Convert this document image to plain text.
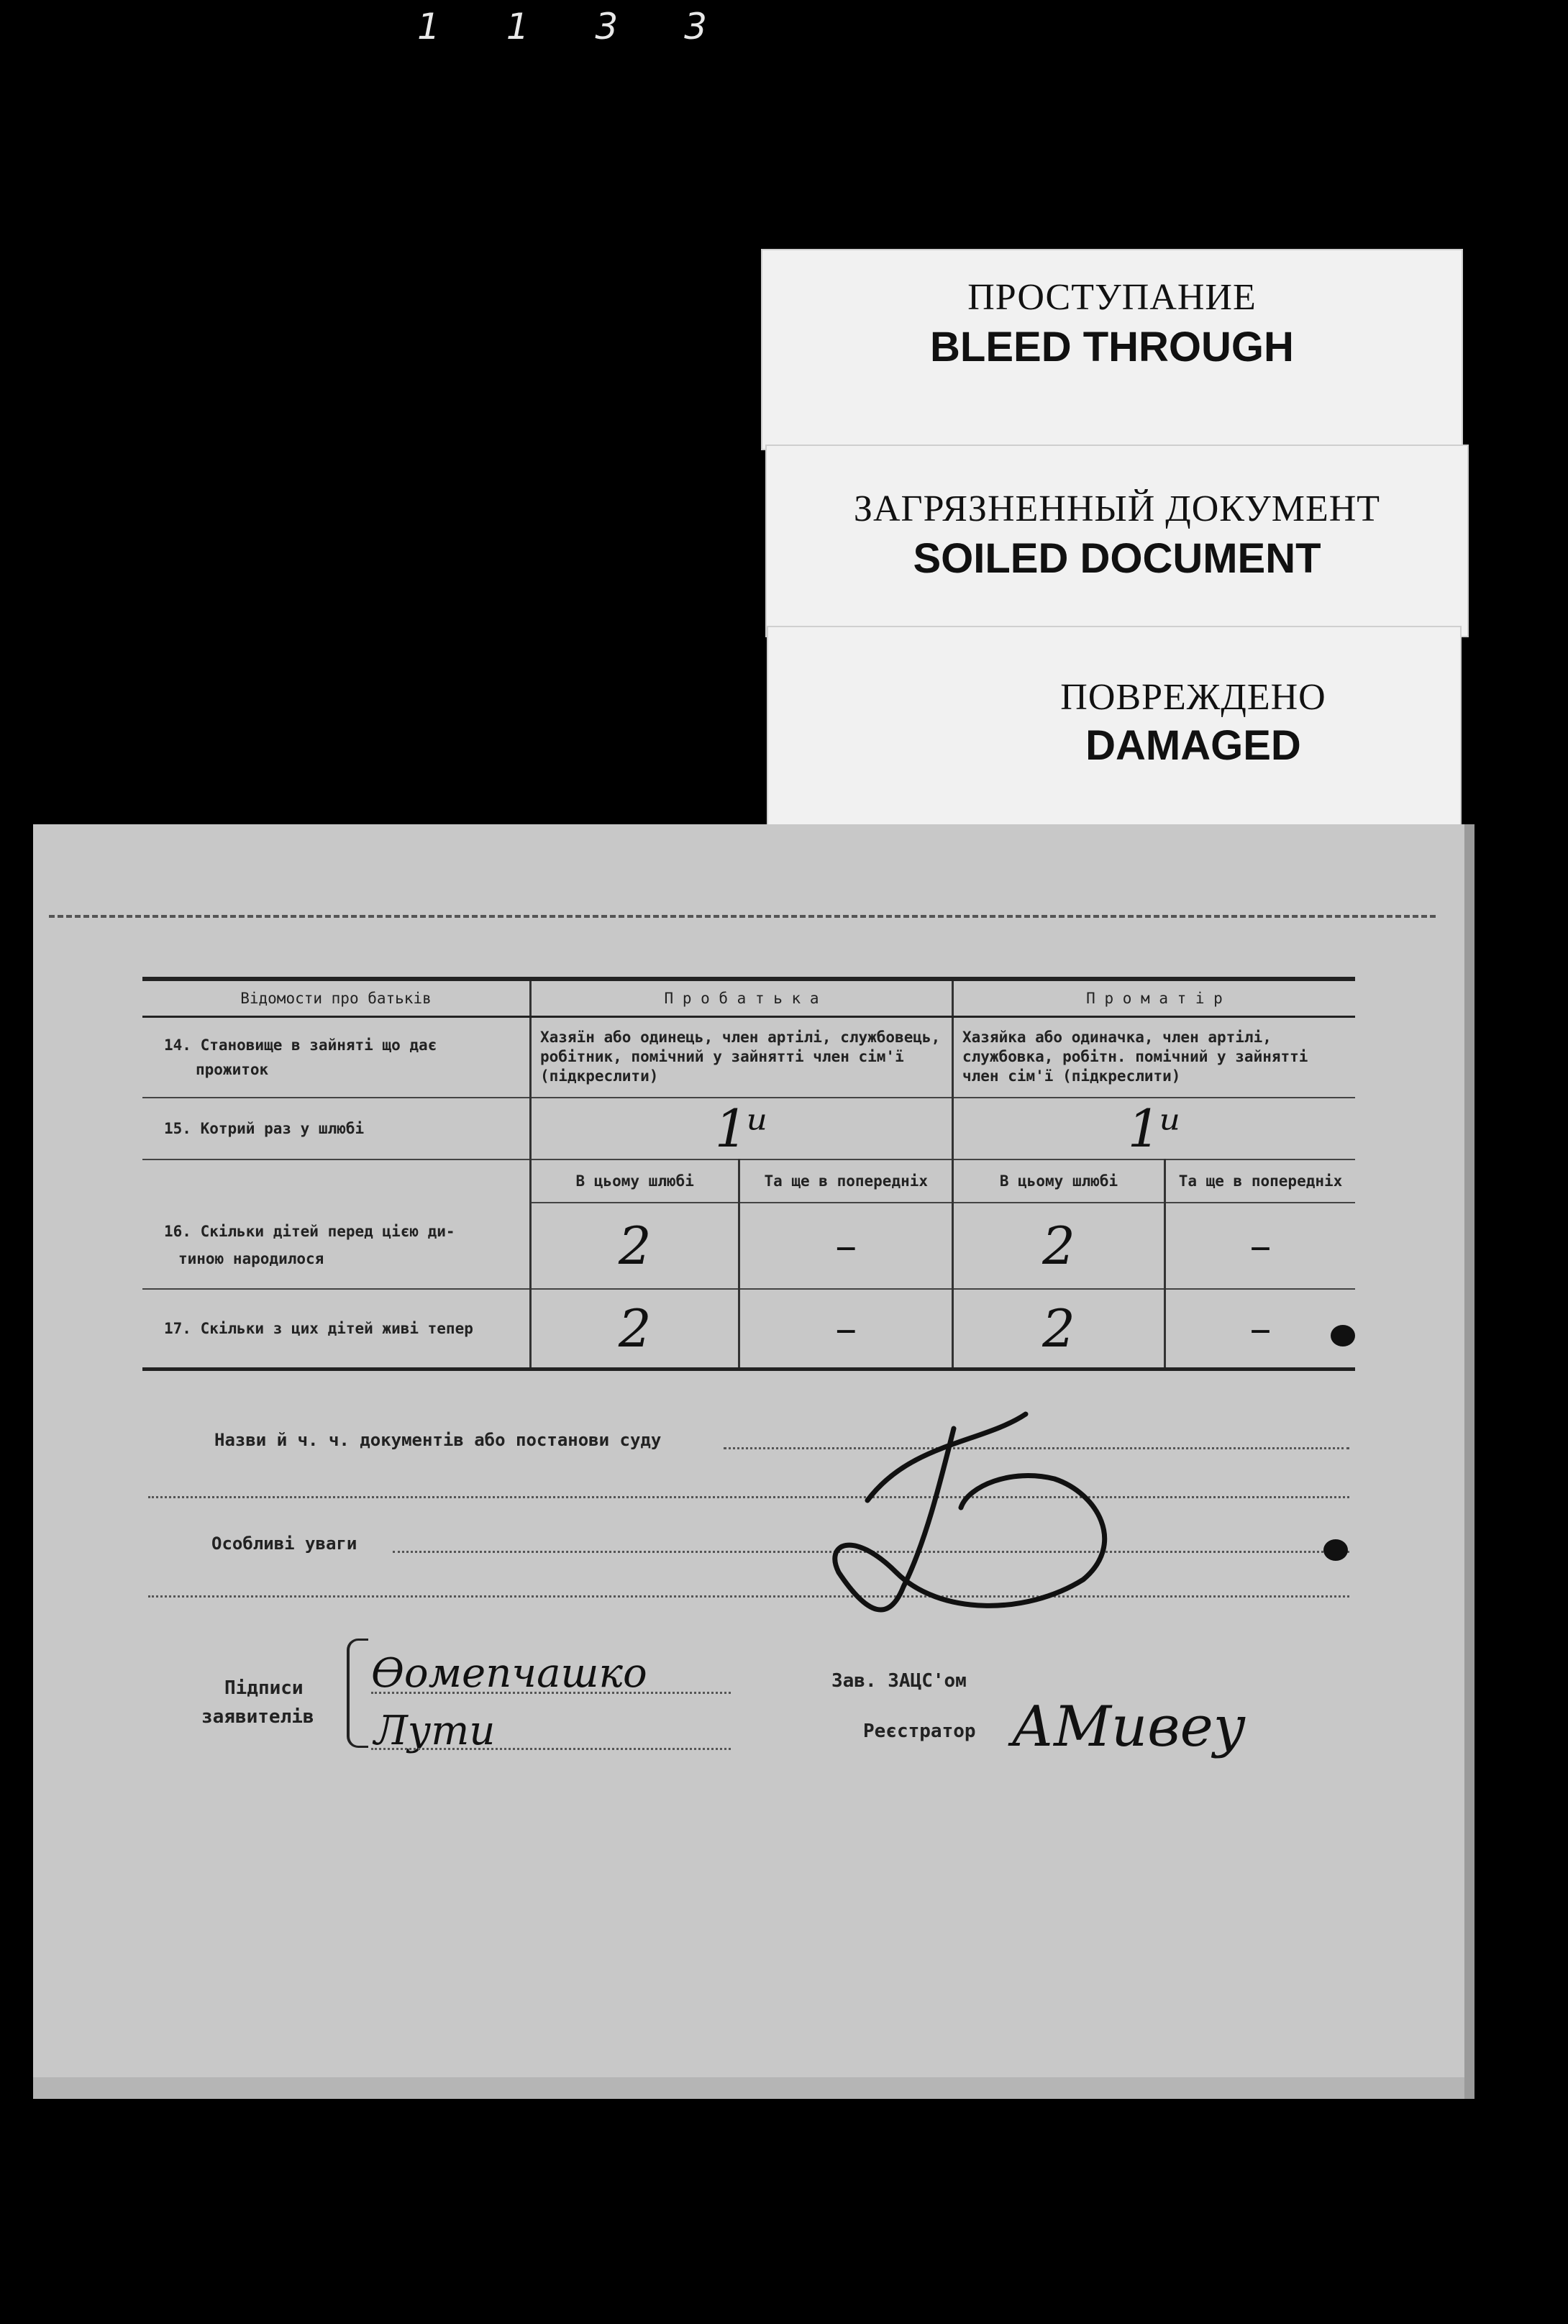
1 1 3 3
ПРОСТУПАНИЕ
BLEED THROUGH
ЗАГРЯЗНЕННЫЙ ДОКУМЕНТ
SOILED DOCUMENT
ПОВРЕЖДЕНО
DAMAGED
Відомости про батьків	П р о б а т ь к а		П р о м а т і р	

14. Становище в зайняті що дає
прожиток	Хазяїн або одинець, член артілі, службовець, робітник, помічний у зайнятті член сім'ї (підкреслити)		Хазяйка або одиначка, член артілі, службовка, робітн. помічний у зайнятті член сім'ї (підкреслити)	
15. Котрий раз у шлюбі	1ᵘ		1ᵘ	
	В цьому шлюбі	Та ще в попередніх	В цьому шлюбі	Та ще в попередніх

16. Скільки дітей перед цією ди-
тиною народилося	2	–	2	–
17. Скільки з цих дітей живі тепер	2	–	2	–
Назви й ч. ч. документів або постанови суду
Особливі уваги
Підписи
заявителів
Ѳомепчашко
Лути
Зав. ЗАЦС'ом
Реєстратор АМивеу
